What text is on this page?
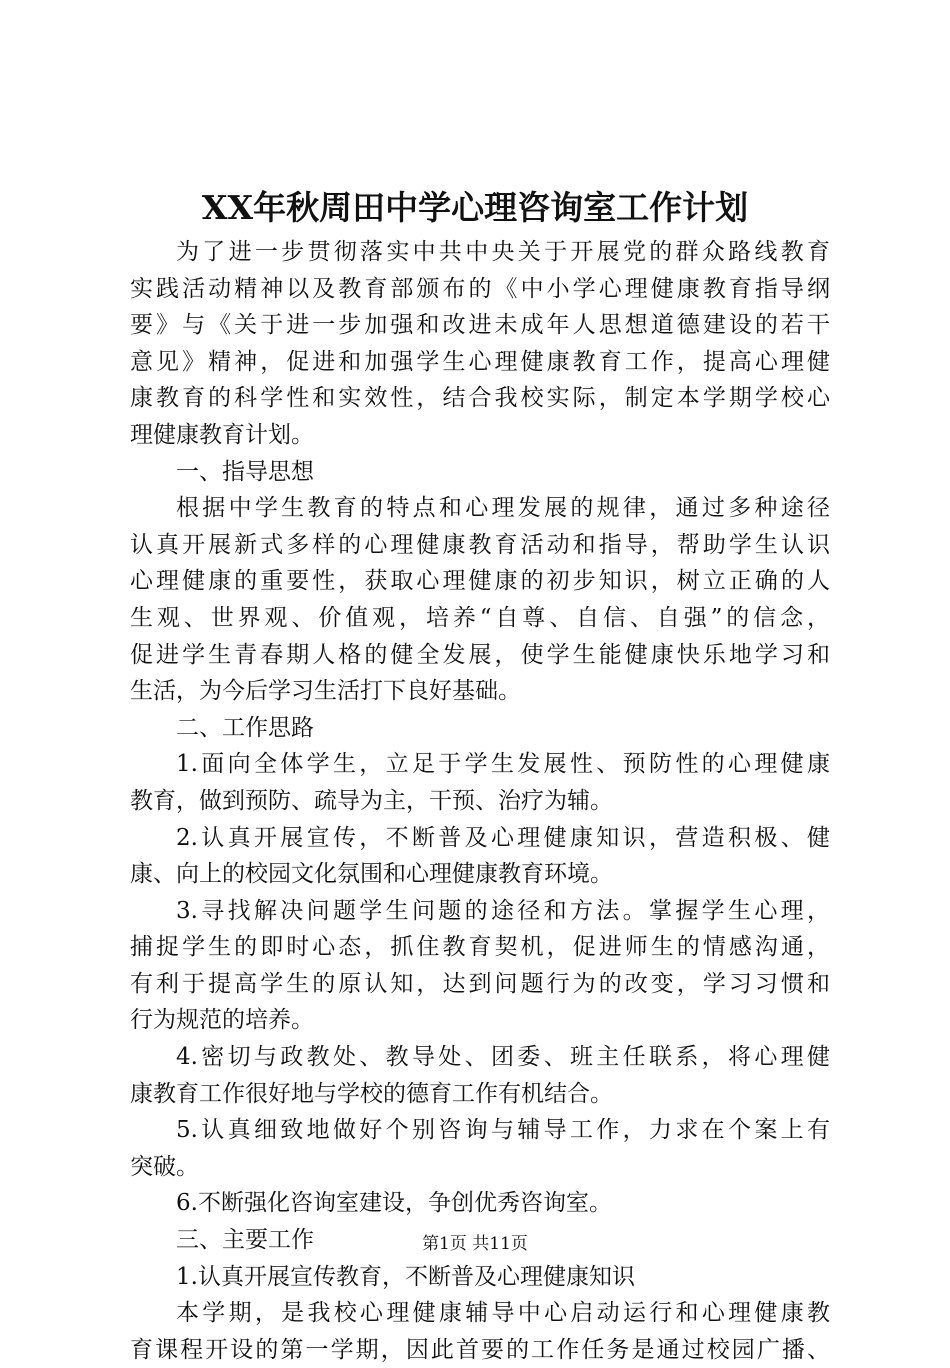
XX年秋周田中学心理咨询室工作计划
为了进一步贯彻落实中共中央关于开展党的群众路线教育
实践活动精神以及教育部颁布的《中小学心理健康教育指导纲
要》与《关于进一步加强和改进未成年人思想道德建设的若干
意见》精神，促进和加强学生心理健康教育工作，提高心理健
康教育的科学性和实效性，结合我校实际，制定本学期学校心
理健康教育计划。
一、指导思想
根据中学生教育的特点和心理发展的规律，通过多种途径
认真开展新式多样的心理健康教育活动和指导，帮助学生认识
心理健康的重要性，获取心理健康的初步知识，树立正确的人
生观、世界观、价值观，培养“自尊、自信、自强”的信念，
促进学生青春期人格的健全发展，使学生能健康快乐地学习和
生活，为今后学习生活打下良好基础。
二、工作思路
1.面向全体学生，立足于学生发展性、预防性的心理健康
教育，做到预防、疏导为主，干预、治疗为辅。
2.认真开展宣传，不断普及心理健康知识，营造积极、健
康、向上的校园文化氛围和心理健康教育环境。
3.寻找解决问题学生问题的途径和方法。掌握学生心理，
捕捉学生的即时心态，抓住教育契机，促进师生的情感沟通，
有利于提高学生的原认知，达到问题行为的改变，学习习惯和
行为规范的培养。
4.密切与政教处、教导处、团委、班主任联系，将心理健
康教育工作很好地与学校的德育工作有机结合。
5.认真细致地做好个别咨询与辅导工作，力求在个案上有
突破。
6.不断强化咨询室建设，争创优秀咨询室。
三、主要工作
1.认真开展宣传教育，不断普及心理健康知识
本学期，是我校心理健康辅导中心启动运行和心理健康教
育课程开设的第一学期，因此首要的工作任务是通过校园广播、
第1页 共11页
